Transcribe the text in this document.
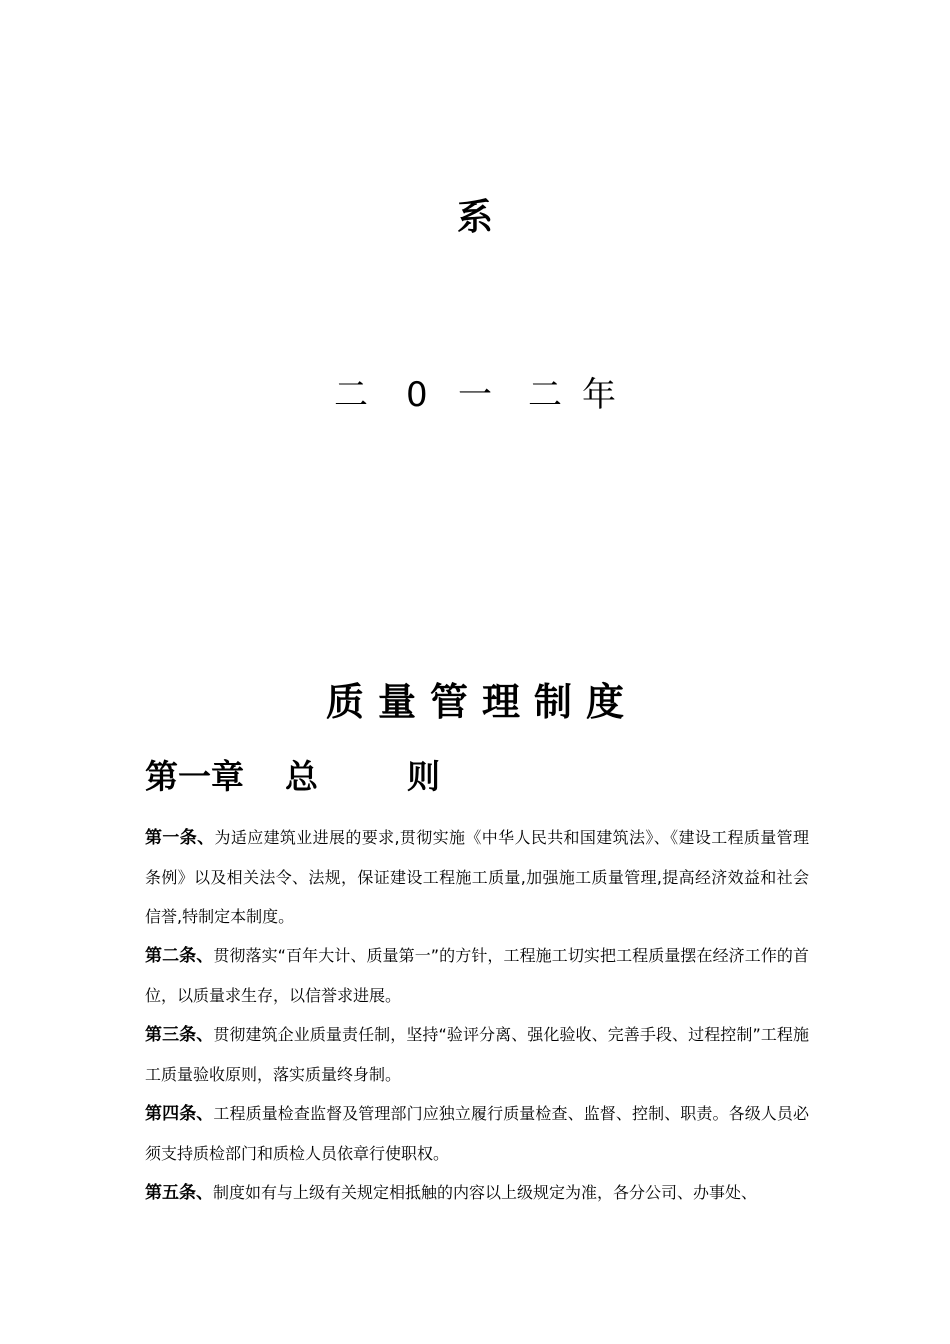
系
二 0 一 二 年
质量管理制度

第一章

总

	则

第一条、为适应建筑业进展的要求,贯彻实施《中华人民共和国建筑法》、《建设工程质量管理条例》以及相关法令、法规，保证建设工程施工质量,加强施工质量管理,提高经济效益和社会信誉,特制定本制度。

第二条、贯彻落实“百年大计、质量第一”的方针，工程施工切实把工程质量摆在经济工作的首位，以质量求生存，以信誉求进展。

第三条、贯彻建筑企业质量责任制，坚持“验评分离、强化验收、完善手段、过程控制”工程施工质量验收原则，落实质量终身制。

第四条、工程质量检查监督及管理部门应独立履行质量检查、监督、控制、职责。各级人员必须支持质检部门和质检人员依章行使职权。

第五条、制度如有与上级有关规定相抵触的内容以上级规定为准，各分公司、办事处、
